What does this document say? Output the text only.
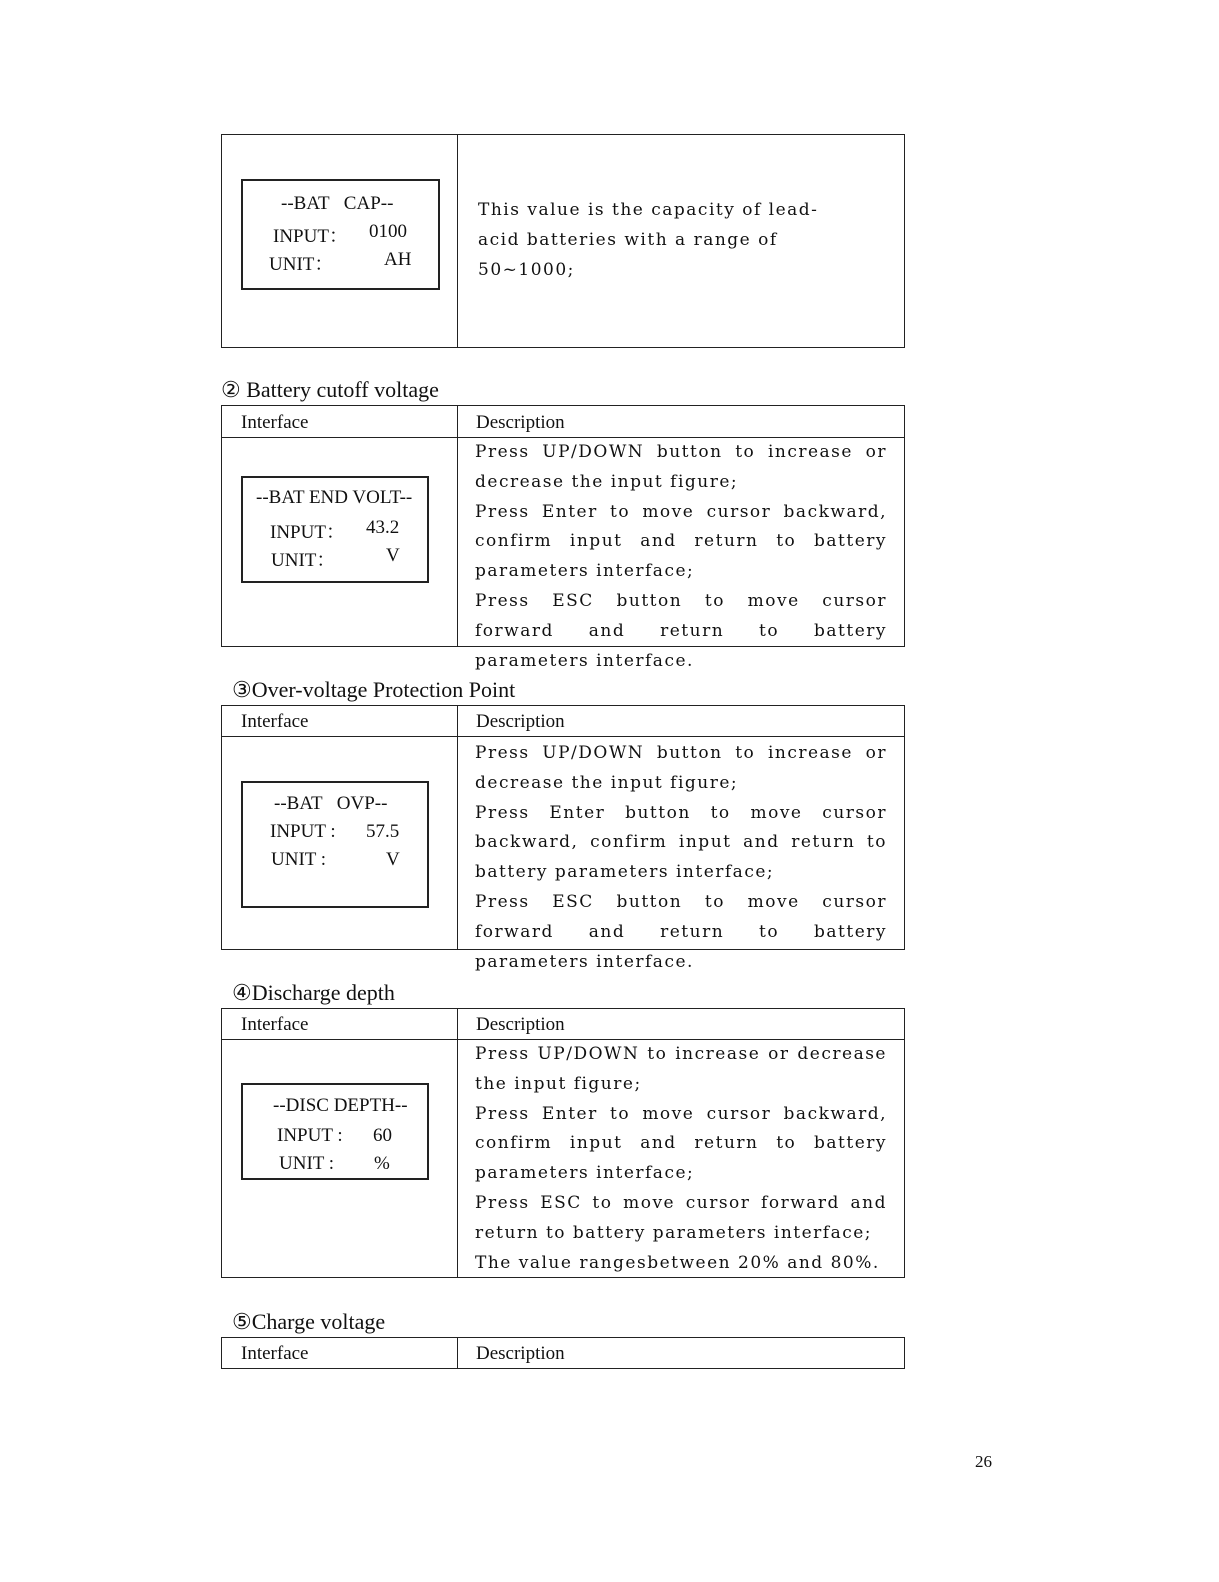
--BAT   CAP--
INPUT： 0100
UNIT：	AH

This value is the capacity of lead-acid batteries with a range of 50~1000;

② Battery cutoff voltage
Interface	Description
--BAT END VOLT--
INPUT： 43.2
UNIT：	V

Press UP/DOWN button to increase or decrease the input figure;

Press Enter to move cursor backward, confirm input and return to battery parameters interface;

Press ESC button to move cursor forward and return to battery parameters interface.

③Over-voltage Protection Point
Interface	Description
--BAT   OVP--
INPUT : 57.5
UNIT :	V

Press UP/DOWN button to increase or decrease the input figure;

Press Enter button to move cursor backward, confirm input and return to battery parameters interface;

Press ESC button to move cursor forward and return to battery parameters interface.

④Discharge depth
Interface	Description
--DISC DEPTH--
INPUT : 60
UNIT : %

Press UP/DOWN to increase or decrease the input figure;

Press Enter to move cursor backward, confirm input and return to battery parameters interface;

Press ESC to move cursor forward and return to battery parameters interface;

The value rangesbetween 20% and 80%.

⑤Charge voltage
Interface	Description
26
